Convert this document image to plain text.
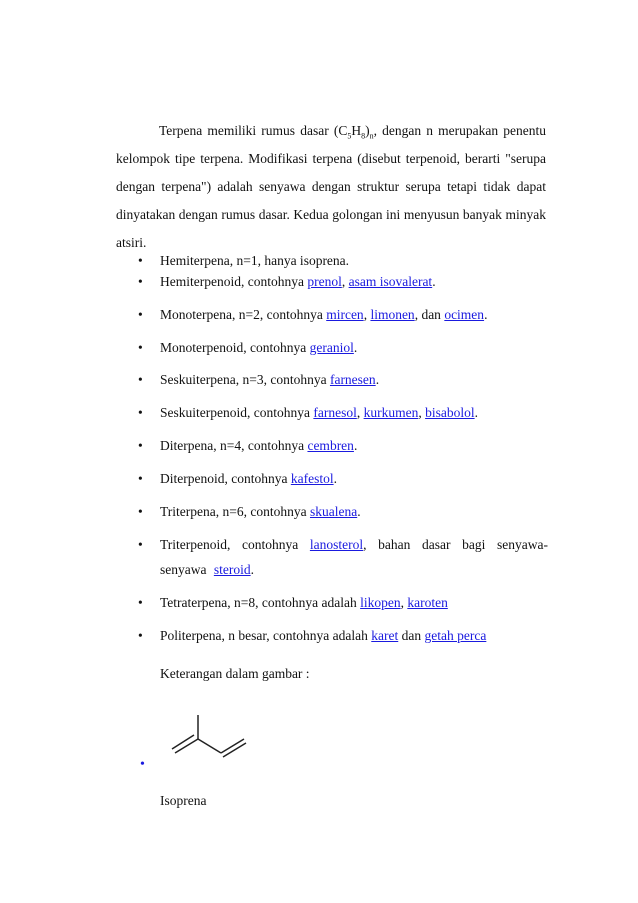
Terpena memiliki rumus dasar $(C_5H_8)_n$, dengan n merupakan penentu kelompok tipe terpena. Modifikasi terpena (disebut terpenoid, berarti "serupa dengan terpena") adalah senyawa dengan struktur serupa tetapi tidak dapat dinyatakan dengan rumus dasar. Kedua golongan ini menyusun banyak minyak atsiri.

•	Hemiterpena, n=1, hanya isoprena.
•	Hemiterpenoid, contohnya prenol, asam isovalerat.
•	Monoterpena, n=2, contohnya mircen, limonen, dan ocimen.
•	Monoterpenoid, contohnya geraniol.
•	Seskuiterpena, n=3, contohnya farnesen.
•	Seskuiterpenoid, contohnya farnesol, kurkumen, bisabolol.
•	Diterpena, n=4, contohnya cembren.
•	Diterpenoid, contohnya kafestol.
•	Triterpena, n=6, contohnya skualena.
•	Triterpenoid, contohnya lanosterol, bahan dasar bagi senyawa-senyawa steroid.
•	Tetraterpena, n=8, contohnya adalah likopen, karoten
•	Politerpena, n besar, contohnya adalah karet dan getah perca
Keterangan dalam gambar :
•
Isoprena
